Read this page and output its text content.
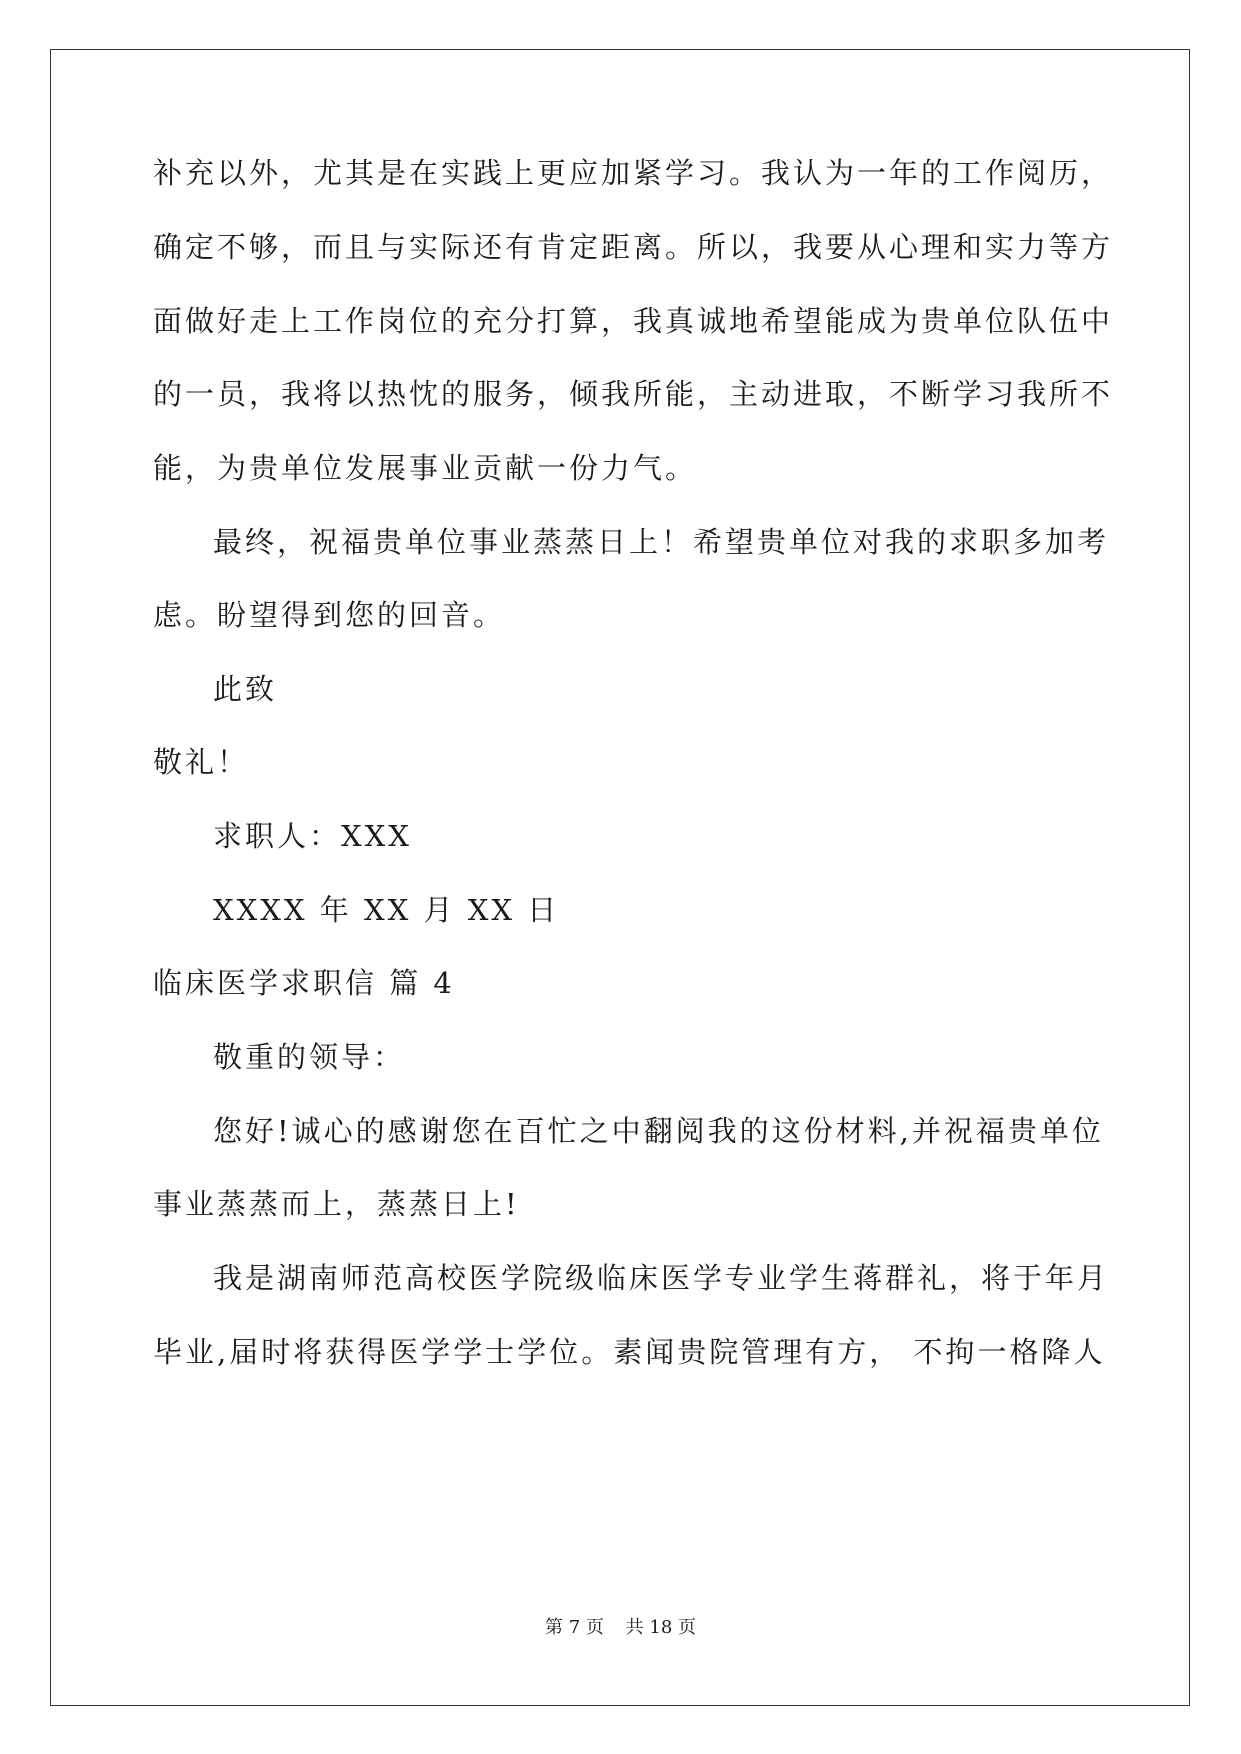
补充以外，尤其是在实践上更应加紧学习。我认为一年的工作阅历，

确定不够，而且与实际还有肯定距离。所以，我要从心理和实力等方

面做好走上工作岗位的充分打算，我真诚地希望能成为贵单位队伍中

的一员，我将以热忱的服务，倾我所能，主动进取，不断学习我所不

能，为贵单位发展事业贡献一份力气。

最终，祝福贵单位事业蒸蒸日上！希望贵单位对我的求职多加考

虑。盼望得到您的回音。

此致

敬礼！

求职人：XXX

XXXX 年 XX 月 XX 日

临床医学求职信 篇 4

敬重的领导：

您好!诚心的感谢您在百忙之中翻阅我的这份材料,并祝福贵单位

事业蒸蒸而上，蒸蒸日上!

我是湖南师范高校医学院级临床医学专业学生蒋群礼，将于年月

毕业,届时将获得医学学士学位。素闻贵院管理有方， 不拘一格降人

第 7 页 共 18 页
